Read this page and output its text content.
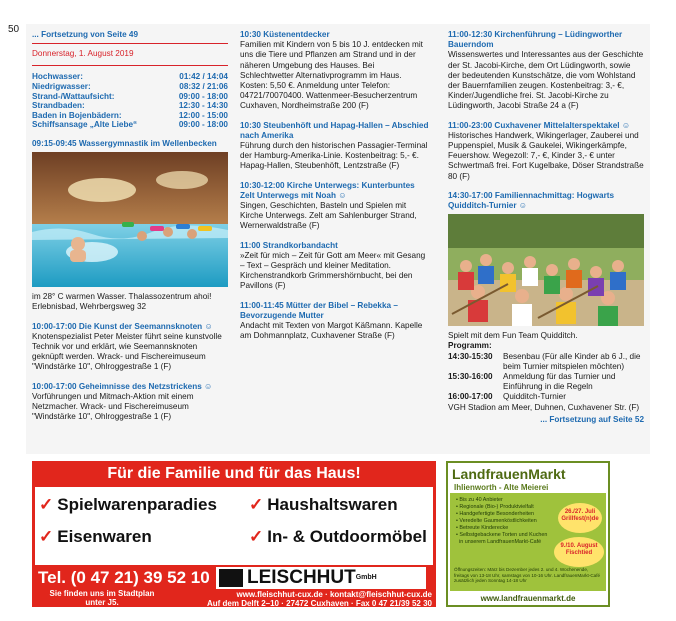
50 ... Fortsetzung von Seite 49
Donnerstag, 1. August 2019
Hochwasser:	01:42 / 14:04
Niedrigwasser:	08:32 / 21:06
Strand-/Wattaufsicht:	09:00 - 18:00
Strandbaden:	12:30 - 14:30
Baden in Bojenbädern:	12:00 - 15:00
Schiffsansage „Alte Liebe“	09:00 - 18:00
09:15-09:45 Wassergymnastik im Wellenbecken
im 28° C warmen Wasser. Thalassozentrum ahoi! Erlebnisbad, Wehrbergsweg 32
10:00-17:00 Die Kunst der Seemannsknoten ☺
Knotenspezialist Peter Meister führt seine kunstvolle Technik vor und erklärt, wie Seemannsknoten geknüpft werden. Wrack- und Fischereimuseum "Windstärke 10", Ohlroggestraße 1 (F)
10:00-17:00 Geheimnisse des Netzstrickens ☺
Vorführungen und Mitmach-Aktion mit einem Netzmacher. Wrack- und Fischereimuseum "Windstärke 10", Ohlroggestraße 1 (F)
10:30 Küstenentdecker
Familien mit Kindern von 5 bis 10 J. entdecken mit uns die Tiere und Pflanzen am Strand und in der näheren Umgebung des Hauses. Bei Schlechtwetter Alternativprogramm im Haus. Kosten: 5,50 €. Anmeldung unter Telefon: 04721/70070400. Wattenmeer-Besucherzentrum Cuxhaven, Nordheimstraße 200 (F)
10:30 Steubenhöft und Hapag-Hallen – Abschied nach Amerika
Führung durch den historischen Passagier-Terminal der Hamburg-Amerika-Linie. Kostenbeitrag: 5,- €. Hapag-Hallen, Steubenhöft, Lentzstraße (F)
10:30-12:00 Kirche Unterwegs: Kunterbuntes Zelt Unterwegs mit Noah ☺
Singen, Geschichten, Basteln und Spielen mit Kirche Unterwegs. Zelt am Sahlenburger Strand, Wernerwaldstraße (F)
11:00 Strandkorbandacht
»Zeit für mich – Zeit für Gott am Meer« mit Gesang – Text – Gespräch und kleiner Meditation. Kirchenstrandkorb Grimmershörnbucht, bei den Pavillons (F)
11:00-11:45 Mütter der Bibel – Rebekka – Bevorzugende Mutter
Andacht mit Texten von Margot Käßmann. Kapelle am Dohmannplatz, Cuxhavener Straße (F)
11:00-12:30 Kirchenführung – Lüdingworther Bauerndom
Wissenswertes und Interessantes aus der Geschichte der St. Jacobi-Kirche, dem Ort Lüdingworth, sowie der bedeutenden Kunstschätze, die vom Wohlstand der Bauernfamilien zeugen. Kostenbeitrag: 3,- €, Kinder/Jugendliche frei. St. Jacobi-Kirche zu Lüdingworth, Jacobi Straße 24 a (F)
11:00-23:00 Cuxhavener Mittelalterspektakel ☺
Historisches Handwerk, Wikingerlager, Zauberei und Puppenspiel, Musik & Gaukelei, Wikingerkämpfe, Feuershow. Wegezoll: 7,- €, Kinder 3,- € unter Schwertmaß frei. Fort Kugelbake, Döser Strandstraße 80 (F)
14:30-17:00 Familiennachmittag: Hogwarts Quidditch-Turnier ☺
Spielt mit dem Fun Team Quidditch.
Programm:
14:30-15:30	Besenbau (Für alle Kinder ab 6 J., die beim Turnier mitspielen möchten)
15:30-16:00	Anmeldung für das Turnier und Einführung in die Regeln
16:00-17:00	Quidditch-Turnier
VGH Stadion am Meer, Duhnen, Cuxhavener Str. (F)
... Fortsetzung auf Seite 52
Für die Familie und für das Haus!
✓ Spielwarenparadies ✓ Haushaltswaren
✓ Eisenwaren	✓ In- & Outdoormöbel
Tel. (0 47 21) 39 52 10
Sie finden uns im Stadtplan unter J5.
LEISCHHUTGmbH
www.fleischhut-cux.de · kontakt@fleischhut-cux.de
Auf dem Delft 2–10 · 27472 Cuxhaven · Fax 0 47 21/39 52 30
LandfrauenMarkt
Ihlienworth - Alte Meierei
• Bis zu 40 Anbieter
• Regionale (Bio-) Produktvielfalt
• Handgefertigte Besonderheiten
• Veredelte Gaumenköstlichkeiten
• Betreute Kinderecke
• Selbstgebackene Torten und Kuchen
in unserem LandfrauenMarkt-Café
26./27. Juli Grillfest(n)de
9./10. August Fischtied
Öffnungszeiten: März bis Dezember jedes 2. und 4. Wochenende, freitags von 13-18 Uhr, samstags von 10-16 Uhr. LandfrauenMarkt-Café zusätzlich jeden Sonntag 14-18 Uhr
www.landfrauenmarkt.de
